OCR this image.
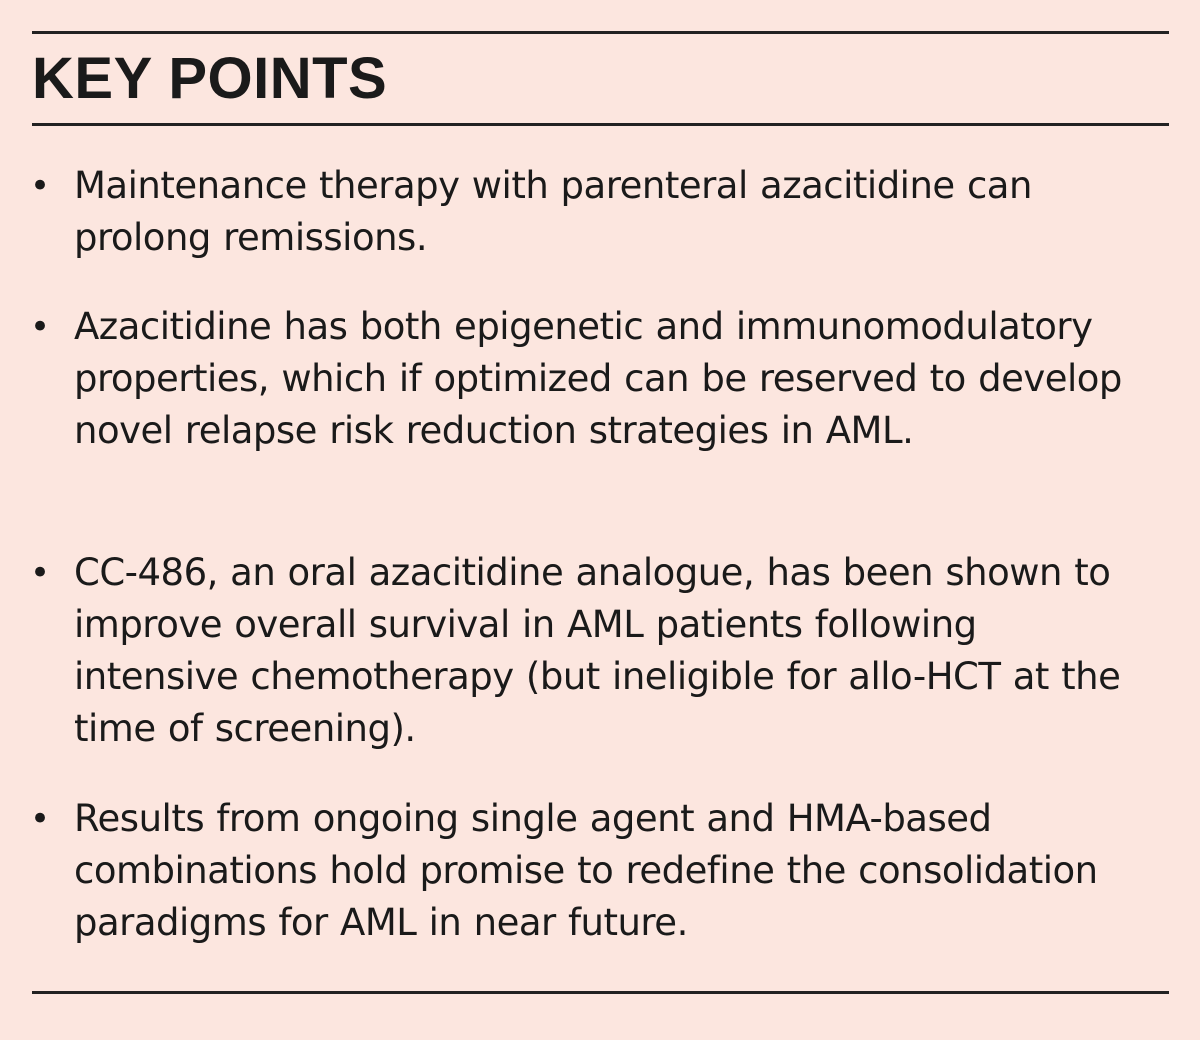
KEY POINTS
• Maintenance therapy with parenteral azacitidine can prolong remissions.
• Azacitidine has both epigenetic and immunomodulatory properties, which if optimized can be reserved to develop novel relapse risk reduction strategies in AML.
• CC-486, an oral azacitidine analogue, has been shown to improve overall survival in AML patients following intensive chemotherapy (but ineligible for allo-HCT at the time of screening).
• Results from ongoing single agent and HMA-based combinations hold promise to redefine the consolidation paradigms for AML in near future.
